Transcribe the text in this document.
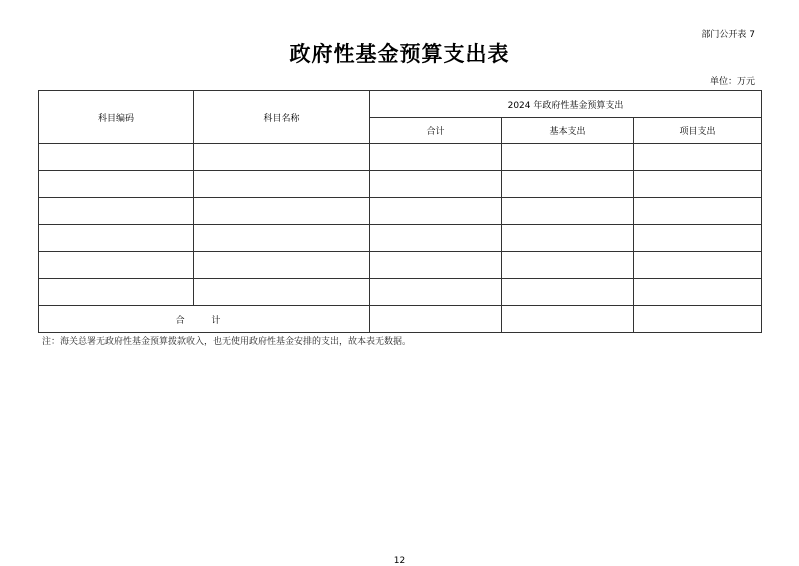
部门公开表 7
政府性基金预算支出表
单位：万元
科目编码	科目名称	2024 年政府性基金预算支出		
		合计	基本支出	项目支出

合 计				
注：海关总署无政府性基金预算拨款收入，也无使用政府性基金安排的支出，故本表无数据。
12
